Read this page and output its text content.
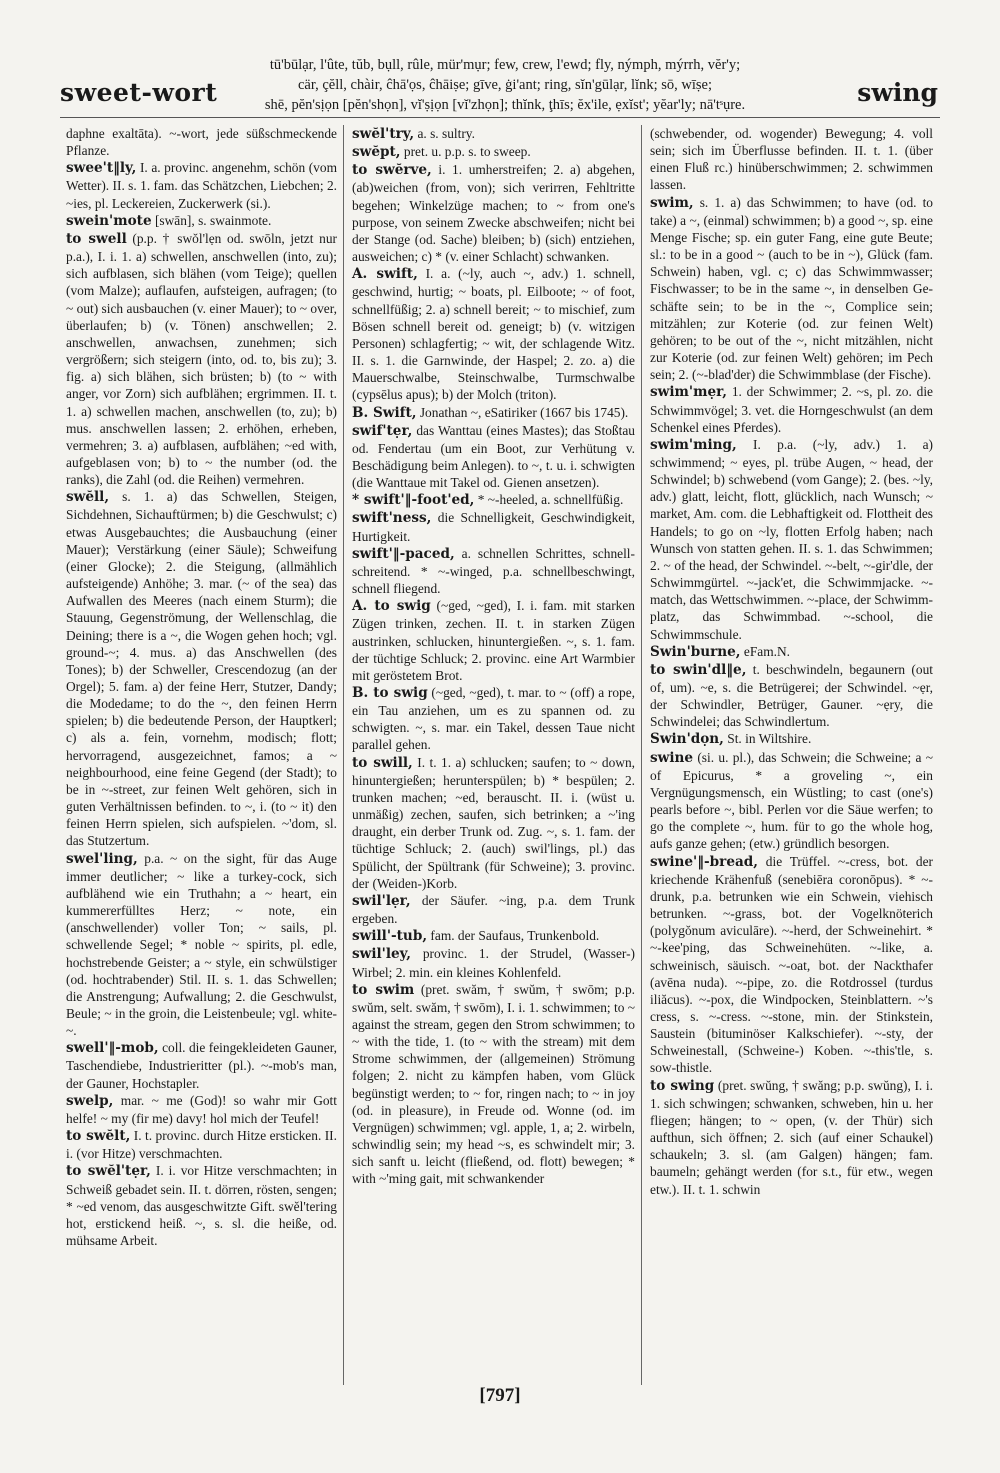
sweet-wort
tū'būlạr, l'ûte, tŭb, bụll, rûle, mür'mụr; few, crew, l'ewd; fly, nýmph, mýrrh, vĕr'y;
cär, çĕll, chàir, ĉhā'ọs, ĉhāiṣe; gīve, ġi'ant; ring, sĭn'gūlạr, lĭnk; sō, wīṣe;
shē, pĕn'sịọn [pĕn'shọn], vĭ'ṣịọn [vĭ'zhọn]; thĭnk, ţhīs; ĕx'ile, ẹxĭst'; yĕar'ly; nā'tˢụre.	swing

daphne exaltāta). ~-wort, jede süßschmeckende Pflanze.

swee't‖ly, I. a. provinc. angenehm, schön (vom Wetter). II. s. 1. fam. das Schätzchen, Liebchen; 2. ~ies, pl. Leckereien, Zuckerwerk (si.).

swein'mote [swān], s. swainmote.

to swell (p.p. † swŏl'lẹn od. swōln, jetzt nur p.a.), I. i. 1. a) schwellen, anschwellen (into, zu); sich aufblasen, sich blähen (vom Teige); quellen (vom Malze); auflaufen, aufsteigen, aufragen; (to ~ out) sich ausbauchen (v. einer Mauer); to ~ over, überlaufen; b) (v. Tönen) anschwellen; 2. anschwellen, anwachsen, zunehmen; sich vergrößern; sich steigern (into, od. to, bis zu); 3. fig. a) sich blähen, sich brüsten; b) (to ~ with anger, vor Zorn) sich aufblähen; ergrimmen. II. t. 1. a) schwellen machen, anschwellen (to, zu); b) mus. anschwellen lassen; 2. erhöhen, erheben, vermehren; 3. a) aufblasen, aufblähen; ~ed with, aufgeblasen von; b) to ~ the number (od. the ranks), die Zahl (od. die Reihen) vermehren.

swĕll, s. 1. a) das Schwellen, Steigen, Sichdehnen, Sichauftürmen; b) die Geschwulst; c) etwas Ausgebauchtes; die Ausbauchung (einer Mauer); Verstärkung (einer Säule); Schweifung (einer Glocke); 2. die Steigung, (allmählich aufsteigende) Anhöhe; 3. mar. (~ of the sea) das Aufwallen des Meeres (nach einem Sturm); die Stauung, Gegenströmung, der Wellenschlag, die Deining; there is a ~, die Wogen gehen hoch; vgl. ground-~; 4. mus. a) das Anschwellen (des Tones); b) der Schweller, Crescendozug (an der Orgel); 5. fam. a) der feine Herr, Stutzer, Dandy; die Modedame; to do the ~, den feinen Herrn spielen; b) die bedeutende Person, der Hauptkerl; c) als a. fein, vornehm, modisch; flott; hervorragend, ausgezeichnet, famos; a ~ neighbourhood, eine feine Gegend (der Stadt); to be in ~-street, zur feinen Welt gehören, sich in guten Verhältnissen befinden. to ~, i. (to ~ it) den feinen Herrn spielen, sich aufspielen. ~'dom, sl. das Stutzertum.

swel'ling, p.a. ~ on the sight, für das Auge immer deutlicher; ~ like a turkey-cock, sich aufblähend wie ein Truthahn; a ~ heart, ein kummererfülltes Herz; ~ note, ein (anschwellender) voller Ton; ~ sails, pl. schwellende Segel; * noble ~ spirits, pl. edle, hochstrebende Geister; a ~ style, ein schwülstiger (od. hochtrabender) Stil. II. s. 1. das Schwellen; die Anstrengung; Aufwallung; 2. die Geschwulst, Beule; ~ in the groin, die Leistenbeule; vgl. white-~.

swell'‖-mob, coll. die feingekleideten Gauner, Taschendiebe, Industrieritter (pl.). ~-mob's man, der Gauner, Hochstapler.

swelp, mar. ~ me (God)! so wahr mir Gott helfe! ~ my (fir me) davy! hol mich der Teufel!

to swĕlt, I. t. provinc. durch Hitze ersticken. II. i. (vor Hitze) verschmachten.

to swĕl'tẹr, I. i. vor Hitze verschmachten; in Schweiß gebadet sein. II. t. dörren, rösten, sengen; * ~ed venom, das ausgeschwitzte Gift. swĕl'tering hot, erstickend heiß. ~, s. sl. die heiße, od. mühsame Arbeit.

swĕl'try, a. s. sultry.

swĕpt, pret. u. p.p. s. to sweep.

to swĕrve, i. 1. umherstreifen; 2. a) abgehen, (ab)weichen (from, von); sich verirren, Fehltritte begehen; Winkelzüge machen; to ~ from one's purpose, von seinem Zwecke abschweifen; nicht bei der Stange (od. Sache) bleiben; b) (sich) entziehen, ausweichen; c) * (v. einer Schlacht) schwanken.

A. swift, I. a. (~ly, auch ~, adv.) 1. schnell, geschwind, hurtig; ~ boats, pl. Eilboote; ~ of foot, schnellfüßig; 2. a) schnell bereit; ~ to mischief, zum Bösen schnell bereit od. geneigt; b) (v. witzigen Personen) schlagfertig; ~ wit, der schlagende Witz. II. s. 1. die Garnwinde, der Haspel; 2. zo. a) die Mauerschwalbe, Steinschwalbe, Turmschwalbe (cypsēlus apus); b) der Molch (triton).

B. Swift, Jonathan ~, eSatiriker (1667 bis 1745).

swif'tẹr, das Wanttau (eines Mastes); das Stoßtau od. Fendertau (um ein Boot, zur Verhütung v. Beschädigung beim Anlegen). to ~, t. u. i. schwigten (die Wanttaue mit Takel od. Gienen ansetzen).

* swift'‖-foot'ed, * ~-heeled, a. schnellfüßig.

swift'ness, die Schnelligkeit, Geschwindigkeit, Hurtigkeit.

swift'‖-paced, a. schnellen Schrittes, schnellschreitend. * ~-winged, p.a. schnellbeschwingt, schnell fliegend.

A. to swig (~ged, ~ged), I. i. fam. mit starken Zügen trinken, zechen. II. t. in starken Zügen austrinken, schlucken, hinuntergießen. ~, s. 1. fam. der tüchtige Schluck; 2. provinc. eine Art Warmbier mit geröstetem Brot.

B. to swig (~ged, ~ged), t. mar. to ~ (off) a rope, ein Tau anziehen, um es zu spannen od. zu schwigten. ~, s. mar. ein Takel, dessen Taue nicht parallel gehen.

to swill, I. t. 1. a) schlucken; saufen; to ~ down, hinuntergießen; herunterspülen; b) * bespülen; 2. trunken machen; ~ed, berauscht. II. i. (wüst u. unmäßig) zechen, saufen, sich betrinken; a ~'ing draught, ein derber Trunk od. Zug. ~, s. 1. fam. der tüchtige Schluck; 2. (auch) swil'lings, pl.) das Spülicht, der Spültrank (für Schweine); 3. provinc. der (Weiden-)Korb.

swil'lẹr, der Säufer. ~ing, p.a. dem Trunk ergeben.

swill'-tub, fam. der Saufaus, Trunkenbold.

swil'ley, provinc. 1. der Strudel, (Wasser-) Wirbel; 2. min. ein kleines Kohlenfeld.

to swim (pret. swăm, † swŭm, † swōm; p.p. swŭm, selt. swăm, † swōm), I. i. 1. schwimmen; to ~ against the stream, gegen den Strom schwimmen; to ~ with the tide, 1. (to ~ with the stream) mit dem Strome schwimmen, der (allgemeinen) Strömung folgen; 2. nicht zu kämpfen haben, vom Glück begünstigt werden; to ~ for, ringen nach; to ~ in joy (od. in pleasure), in Freude od. Wonne (od. im Vergnügen) schwimmen; vgl. apple, 1, a; 2. wirbeln, schwindlig sein; my head ~s, es schwindelt mir; 3. sich sanft u. leicht (fließend, od. flott) bewegen; * with ~'ming gait, mit schwankender

(schwebender, od. wogender) Bewegung; 4. voll sein; sich im Überflusse befinden. II. t. 1. (über einen Fluß rc.) hinüberschwimmen; 2. schwimmen lassen.

swim, s. 1. a) das Schwimmen; to have (od. to take) a ~, (einmal) schwimmen; b) a good ~, sp. eine Menge Fische; sp. ein guter Fang, eine gute Beute; sl.: to be in a good ~ (auch to be in ~), Glück (fam. Schwein) haben, vgl. c; c) das Schwimmwasser; Fischwasser; to be in the same ~, in denselben Geschäfte sein; to be in the ~, Complice sein; mitzählen; zur Koterie (od. zur feinen Welt) gehören; to be out of the ~, nicht mitzählen, nicht zur Koterie (od. zur feinen Welt) gehören; im Pech sein; 2. (~-blad'der) die Schwimmblase (der Fische).

swim'mẹr, 1. der Schwimmer; 2. ~s, pl. zo. die Schwimmvögel; 3. vet. die Horngeschwulst (an dem Schenkel eines Pferdes).

swim'ming, I. p.a. (~ly, adv.) 1. a) schwimmend; ~ eyes, pl. trübe Augen, ~ head, der Schwindel; b) schwebend (vom Gange); 2. (bes. ~ly, adv.) glatt, leicht, flott, glücklich, nach Wunsch; ~ market, Am. com. die Lebhaftigkeit od. Flottheit des Handels; to go on ~ly, flotten Erfolg haben; nach Wunsch von statten gehen. II. s. 1. das Schwimmen; 2. ~ of the head, der Schwindel. ~-belt, ~-gir'dle, der Schwimmgürtel. ~-jack'et, die Schwimmjacke. ~-match, das Wettschwimmen. ~-place, der Schwimmplatz, das Schwimmbad. ~-school, die Schwimmschule.

Swin'burne, eFam.N.

to swin'dl‖e, t. beschwindeln, begaunern (out of, um). ~e, s. die Betrügerei; der Schwindel. ~ẹr, der Schwindler, Betrüger, Gauner. ~ẹry, die Schwindelei; das Schwindlertum.

Swin'dọn, St. in Wiltshire.

swine (si. u. pl.), das Schwein; die Schweine; a ~ of Epicurus, * a groveling ~, ein Vergnügungsmensch, ein Wüstling; to cast (one's) pearls before ~, bibl. Perlen vor die Säue werfen; to go the complete ~, hum. für to go the whole hog, aufs ganze gehen; (etw.) gründlich besorgen.

swine'‖-bread, die Trüffel. ~-cress, bot. der kriechende Krähenfuß (senebiēra coronōpus). * ~-drunk, p.a. betrunken wie ein Schwein, viehisch betrunken. ~-grass, bot. der Vogelknöterich (polygŏnum aviculāre). ~-herd, der Schweinehirt. * ~-kee'ping, das Schweinehüten. ~-like, a. schweinisch, säuisch. ~-oat, bot. der Nackthafer (avēna nuda). ~-pipe, zo. die Rotdrossel (turdus iliăcus). ~-pox, die Windpocken, Steinblattern. ~'s cress, s. ~-cress. ~-stone, min. der Stinkstein, Saustein (bituminöser Kalkschiefer). ~-sty, der Schweinestall, (Schweine-) Koben. ~-this'tle, s. sow-thistle.

to swing (pret. swŭng, † swăng; p.p. swŭng), I. i. 1. sich schwingen; schwanken, schweben, hin u. her fliegen; hängen; to ~ open, (v. der Thür) sich aufthun, sich öffnen; 2. sich (auf einer Schaukel) schaukeln; 3. sl. (am Galgen) hängen; fam. baumeln; gehängt werden (for s.t., für etw., wegen etw.). II. t. 1. schwin

[797]
